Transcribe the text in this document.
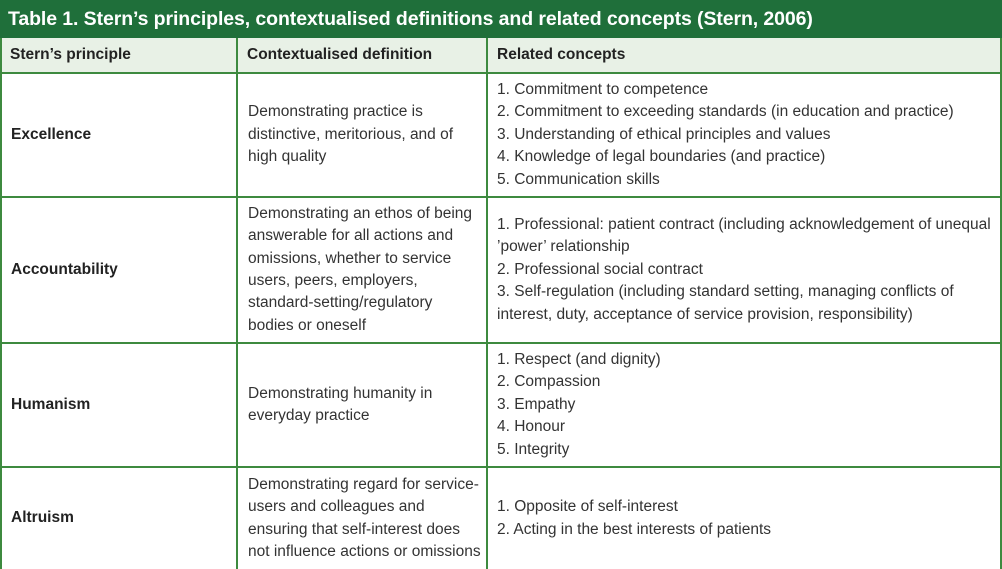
Table 1. Stern’s principles, contextualised definitions and related concepts (Stern, 2006)
Stern’s principle	Contextualised definition	Related concepts
Excellence
Demonstrating practice is distinctive, meritorious, and of high quality
1. Commitment to competence
2. Commitment to exceeding standards (in education and practice)
3. Understanding of ethical principles and values
4. Knowledge of legal boundaries (and practice)
5. Communication skills
Accountability
Demonstrating an ethos of being answerable for all actions and omissions, whether to service users, peers, employers, standard-setting/regulatory bodies or oneself
1. Professional: patient contract (including acknowledgement of unequal ’power’ relationship
2. Professional social contract
3. Self-regulation (including standard setting, managing conflicts of interest, duty, acceptance of service provision, responsibility)
Humanism
Demonstrating humanity in everyday practice
1. Respect (and dignity)
2. Compassion
3. Empathy
4. Honour
5. Integrity
Altruism
Demonstrating regard for service-users and colleagues and ensuring that self-interest does not influence actions or omissions
1. Opposite of self-interest
2. Acting in the best interests of patients
